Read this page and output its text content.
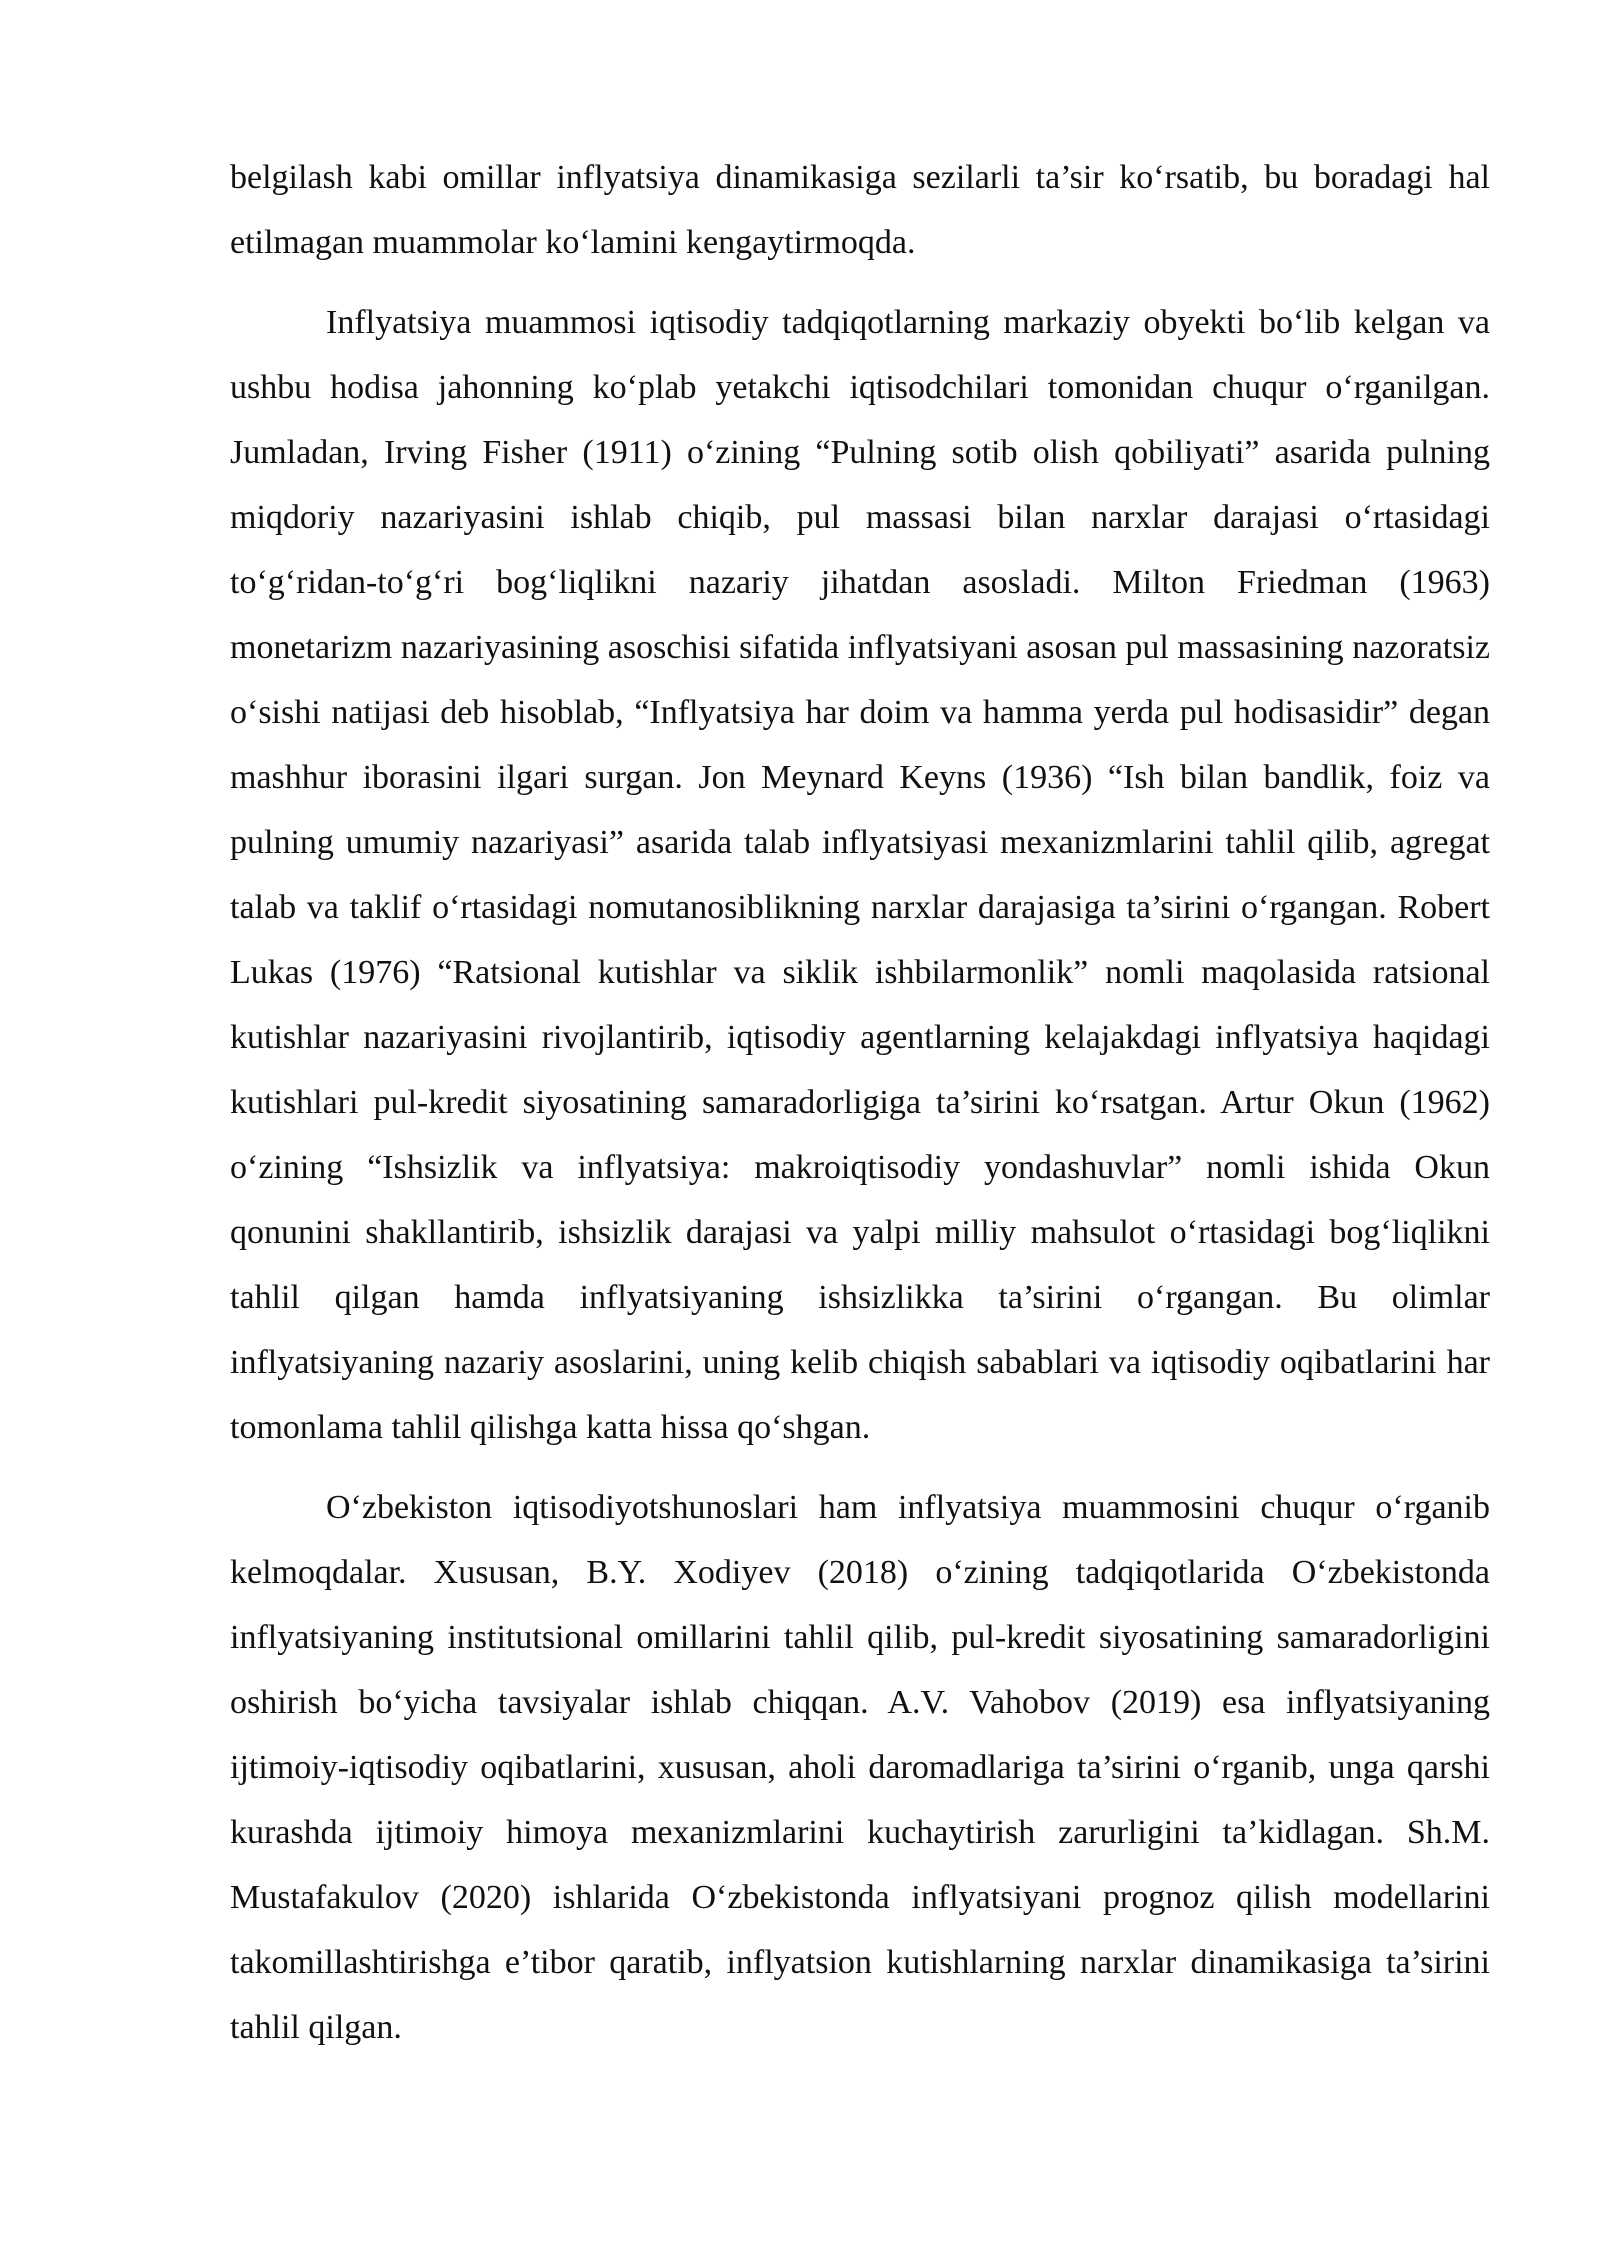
belgilash kabi omillar inflyatsiya dinamikasiga sezilarli ta’sir ko‘rsatib, bu boradagi hal etilmagan muammolar ko‘lamini kengaytirmoqda.

Inflyatsiya muammosi iqtisodiy tadqiqotlarning markaziy obyekti bo‘lib kelgan va ushbu hodisa jahonning ko‘plab yetakchi iqtisodchilari tomonidan chuqur o‘rganilgan. Jumladan, Irving Fisher (1911) o‘zining “Pulning sotib olish qobiliyati” asarida pulning miqdoriy nazariyasini ishlab chiqib, pul massasi bilan narxlar darajasi o‘rtasidagi to‘g‘ridan-to‘g‘ri bog‘liqlikni nazariy jihatdan asosladi. Milton Friedman (1963) monetarizm nazariyasining asoschisi sifatida inflyatsiyani asosan pul massasining nazoratsiz o‘sishi natijasi deb hisoblab, “Inflyatsiya har doim va hamma yerda pul hodisasidir” degan mashhur iborasini ilgari surgan. Jon Meynard Keyns (1936) “Ish bilan bandlik, foiz va pulning umumiy nazariyasi” asarida talab inflyatsiyasi mexanizmlarini tahlil qilib, agregat talab va taklif o‘rtasidagi nomutanosiblikning narxlar darajasiga ta’sirini o‘rgangan. Robert Lukas (1976) “Ratsional kutishlar va siklik ishbilarmonlik” nomli maqolasida ratsional kutishlar nazariyasini rivojlantirib, iqtisodiy agentlarning kelajakdagi inflyatsiya haqidagi kutishlari pul-kredit siyosatining samaradorligiga ta’sirini ko‘rsatgan. Artur Okun (1962) o‘zining “Ishsizlik va inflyatsiya: makroiqtisodiy yondashuvlar” nomli ishida Okun qonunini shakllantirib, ishsizlik darajasi va yalpi milliy mahsulot o‘rtasidagi bog‘liqlikni tahlil qilgan hamda inflyatsiyaning ishsizlikka ta’sirini o‘rgangan. Bu olimlar inflyatsiyaning nazariy asoslarini, uning kelib chiqish sabablari va iqtisodiy oqibatlarini har tomonlama tahlil qilishga katta hissa qo‘shgan.

O‘zbekiston iqtisodiyotshunoslari ham inflyatsiya muammosini chuqur o‘rganib kelmoqdalar. Xususan, B.Y. Xodiyev (2018) o‘zining tadqiqotlarida O‘zbekistonda inflyatsiyaning institutsional omillarini tahlil qilib, pul-kredit siyosatining samaradorligini oshirish bo‘yicha tavsiyalar ishlab chiqqan. A.V. Vahobov (2019) esa inflyatsiyaning ijtimoiy-iqtisodiy oqibatlarini, xususan, aholi daromadlariga ta’sirini o‘rganib, unga qarshi kurashda ijtimoiy himoya mexanizmlarini kuchaytirish zarurligini ta’kidlagan. Sh.M. Mustafakulov (2020) ishlarida O‘zbekistonda inflyatsiyani prognoz qilish modellarini takomillashtirishga e’tibor qaratib, inflyatsion kutishlarning narxlar dinamikasiga ta’sirini tahlil qilgan.
